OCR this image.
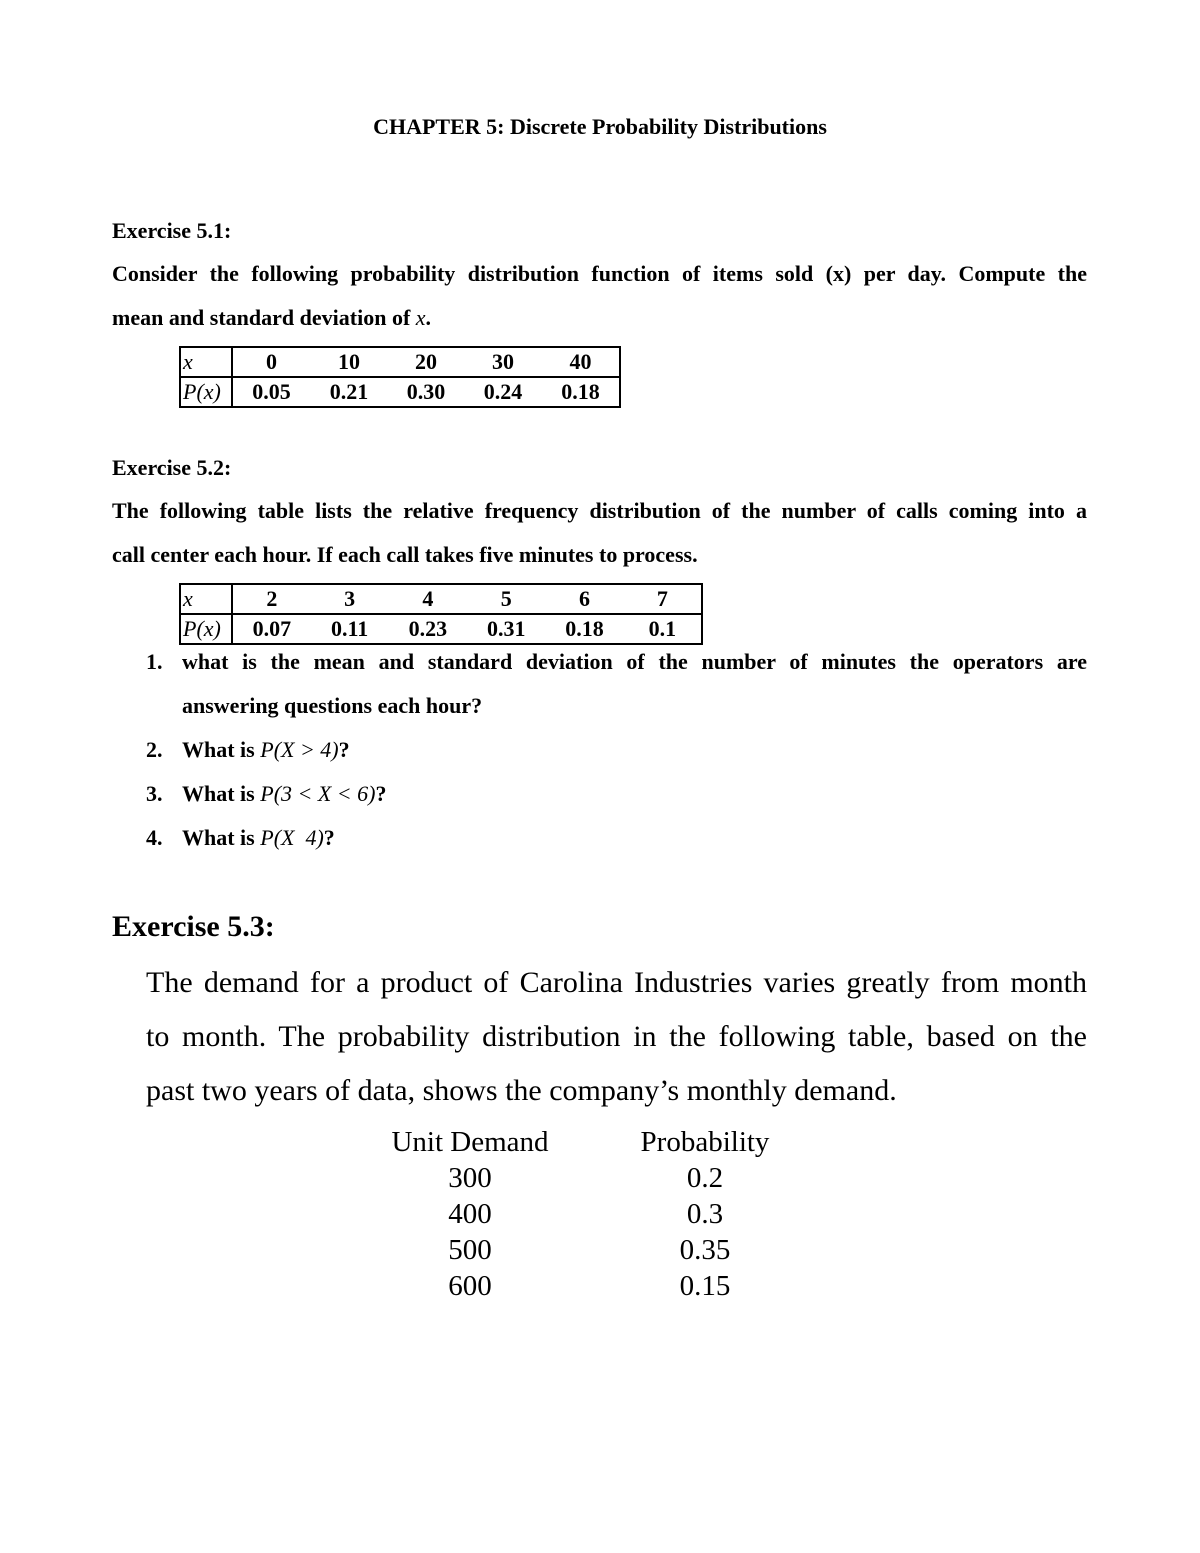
CHAPTER 5: Discrete Probability Distributions
Exercise 5.1:
Consider the following probability distribution function of items sold (x) per day. Compute the
mean and standard deviation of x.
x	0	10	20	30	40
P(x)	0.05	0.21	0.30	0.24	0.18
Exercise 5.2:
The following table lists the relative frequency distribution of the number of calls coming into a
call center each hour. If each call takes five minutes to process.
x	2	3	4	5	6	7
P(x)	0.07	0.11	0.23	0.31	0.18	0.1
1. what is the mean and standard deviation of the number of minutes the operators are
answering questions each hour?
2. What is P(X > 4)?
3. What is P(3 < X < 6)?
4. What is P(X  4)?
Exercise 5.3:
The demand for a product of Carolina Industries varies greatly from month
to month. The probability distribution in the following table, based on the
past two years of data, shows the company’s monthly demand.
Unit Demand	Probability
300	0.2
400	0.3
500	0.35
600	0.15
